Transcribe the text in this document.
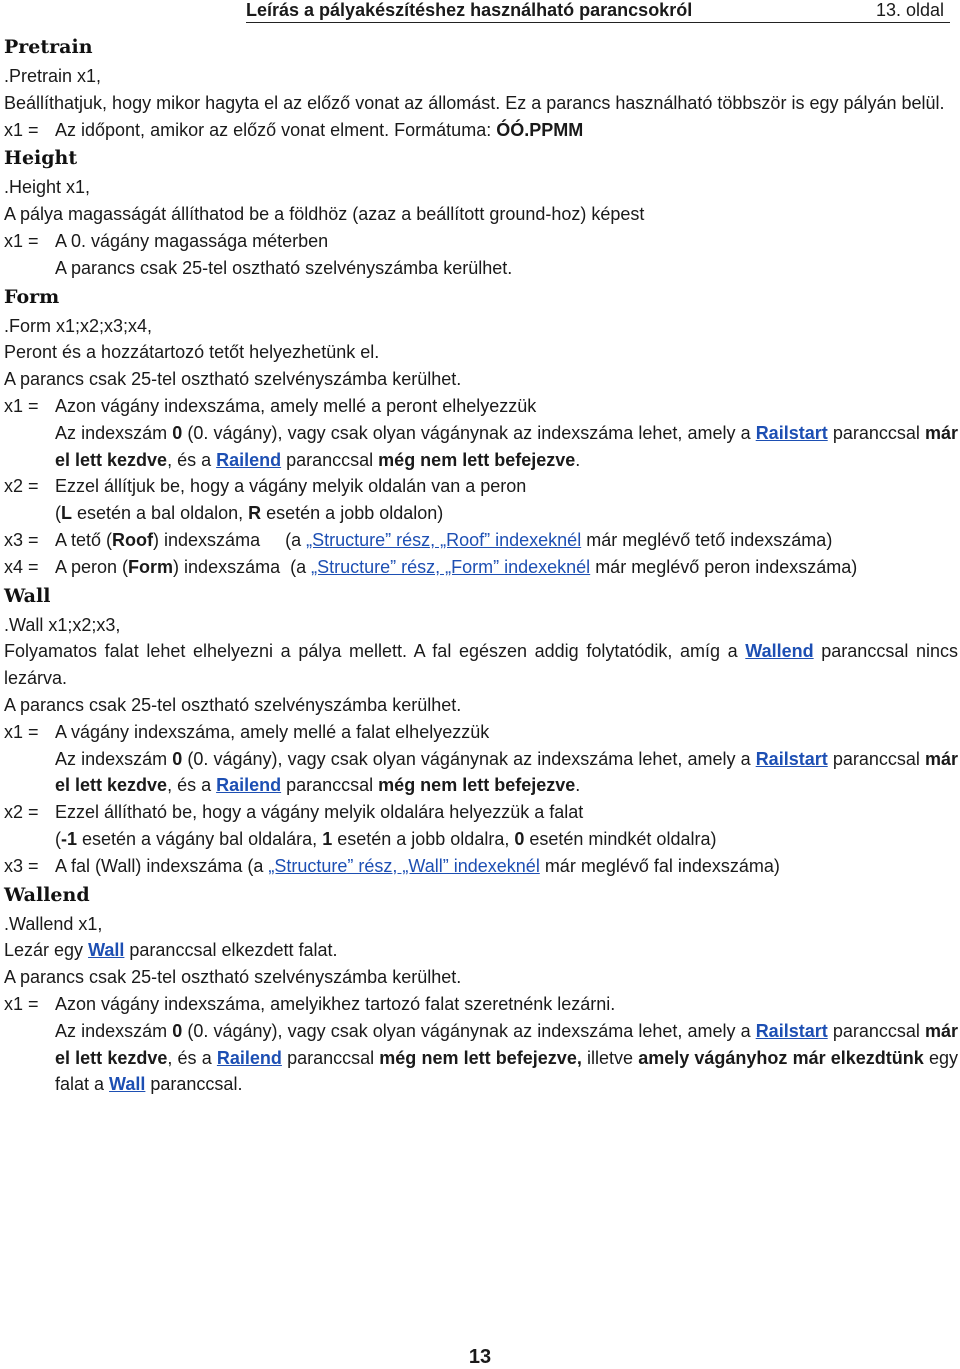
Leírás a pályakészítéshez használható parancsokról	13. oldal
Pretrain

.Pretrain x1,

Beállíthatjuk, hogy mikor hagyta el az előző vonat az állomást. Ez a parancs használható többször is egy pályán belül.

x1 = Az időpont, amikor az előző vonat elment. Formátuma: ÓÓ.PPMM
Height

.Height x1,

A pálya magasságát állíthatod be a földhöz (azaz a beállított ground-hoz) képest

x1 = A 0. vágány magassága méterben
A parancs csak 25-tel osztható szelvényszámba kerülhet.
Form

.Form x1;x2;x3;x4,

Peront és a hozzátartozó tetőt helyezhetünk el.

A parancs csak 25-tel osztható szelvényszámba kerülhet.

x1 = Azon vágány indexszáma, amely mellé a peront elhelyezzük
Az indexszám 0 (0. vágány), vagy csak olyan vágánynak az indexszáma lehet, amely a Railstart paranccsal már el lett kezdve, és a Railend paranccsal még nem lett befejezve.
x2 = Ezzel állítjuk be, hogy a vágány melyik oldalán van a peron
(L esetén a bal oldalon, R esetén a jobb oldalon)
x3 = A tető (Roof) indexszáma     (a „Structure” rész, „Roof” indexeknél már meglévő tető indexszáma)
x4 = A peron (Form) indexszáma  (a „Structure” rész, „Form” indexeknél már meglévő peron indexszáma)
Wall

.Wall x1;x2;x3,

Folyamatos falat lehet elhelyezni a pálya mellett. A fal egészen addig folytatódik, amíg a Wallend paranccsal nincs lezárva.

A parancs csak 25-tel osztható szelvényszámba kerülhet.

x1 = A vágány indexszáma, amely mellé a falat elhelyezzük
Az indexszám 0 (0. vágány), vagy csak olyan vágánynak az indexszáma lehet, amely a Railstart paranccsal már el lett kezdve, és a Railend paranccsal még nem lett befejezve.
x2 = Ezzel állítható be, hogy a vágány melyik oldalára helyezzük a falat
(-1 esetén a vágány bal oldalára, 1 esetén a jobb oldalra, 0 esetén mindkét oldalra)
x3 = A fal (Wall) indexszáma (a „Structure” rész, „Wall” indexeknél már meglévő fal indexszáma)
Wallend

.Wallend x1,

Lezár egy Wall paranccsal elkezdett falat.

A parancs csak 25-tel osztható szelvényszámba kerülhet.

x1 = Azon vágány indexszáma, amelyikhez tartozó falat szeretnénk lezárni.
Az indexszám 0 (0. vágány), vagy csak olyan vágánynak az indexszáma lehet, amely a Railstart paranccsal már el lett kezdve, és a Railend paranccsal még nem lett befejezve, illetve amely vágányhoz már elkezdtünk egy falat a Wall paranccsal.
13
